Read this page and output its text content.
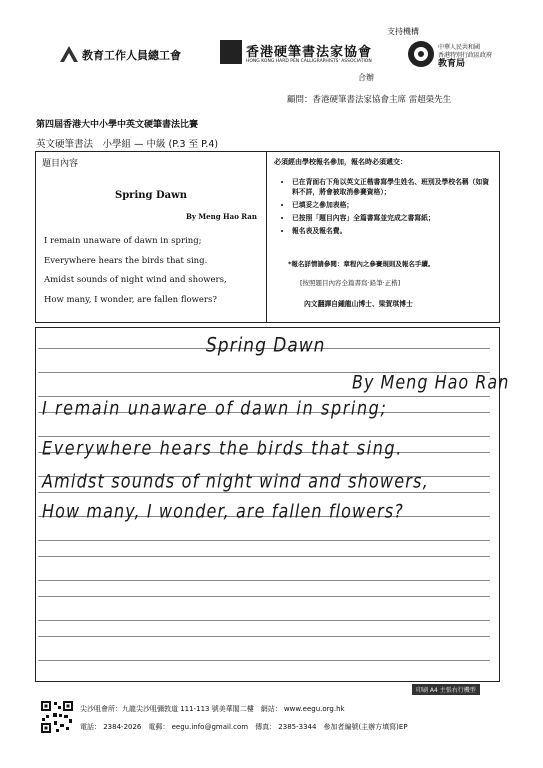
支持機構
教育工作人員總工會	香港硬筆書法家協會
HONG KONG HARD PEN CALLIGRAPHISTS' ASSOCIATION
中華人民共和國
香港特別行政區政府
教育局
合辦
顧問：香港硬筆書法家協會主席 雷超榮先生
第四屆香港大中小學中英文硬筆書法比賽
英文硬筆書法　小學組 — 中級 (P.3 至 P.4)
題目內容
Spring Dawn
By Meng Hao Ran
I remain unaware of dawn in spring;
Everywhere hears the birds that sing.
Amidst sounds of night wind and showers,
How many, I wonder, are fallen flowers?
必須經由學校報名參加，報名時必須遞交：
• 已在背面右下角以英文正楷書寫學生姓名、班別及學校名稱（如資料不詳，將會被取消參賽資格）；
• 已填妥之參加表格；
• 已按照「題目內容」全篇書寫並完成之書寫紙；
• 報名表及報名費。
*報名詳情請參閱：章程內之參賽規則及報名手續。
[按照題目內容全篇書寫‧鉛筆‧正楷]
內文翻譯自鍾龍山博士、梁賀琪博士
Spring Dawn
By Meng Hao Ran
I remain unaware of dawn in spring;
Everywhere hears the birds that sing.
Amidst sounds of night wind and showers,
How many, I wonder, are fallen flowers?
印刷 A4 主張右行機型
尖沙咀會所：九龍尖沙咀彌敦道 111-113 號美華閣二樓　網站： www.eegu.org.hk
電話： 2384-2026　電郵： eegu.info@gmail.com　傳真： 2385-3344　參加者編號(主辦方填寫)EP
